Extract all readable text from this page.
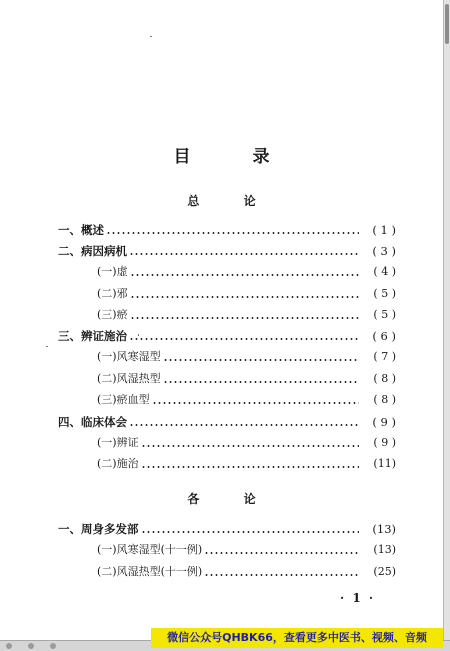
目 录
总 论
一、概述	( 1 )
二、病因病机	( 3 )
(一)虚	( 4 )
(二)邪	( 5 )
(三)瘀	( 5 )
三、辨证施治	( 6 )
(一)风寒湿型	( 7 )
(二)风湿热型	( 8 )
(三)瘀血型	( 8 )
四、临床体会	( 9 )
(一)辨证	( 9 )
(二)施治	(11)
各 论
一、周身多发部	(13)
(一)风寒湿型(十一例)	(13)
(二)风湿热型(十一例)	(25)
· 1 ·
微信公众号QHBK66，查看更多中医书、视频、音频
